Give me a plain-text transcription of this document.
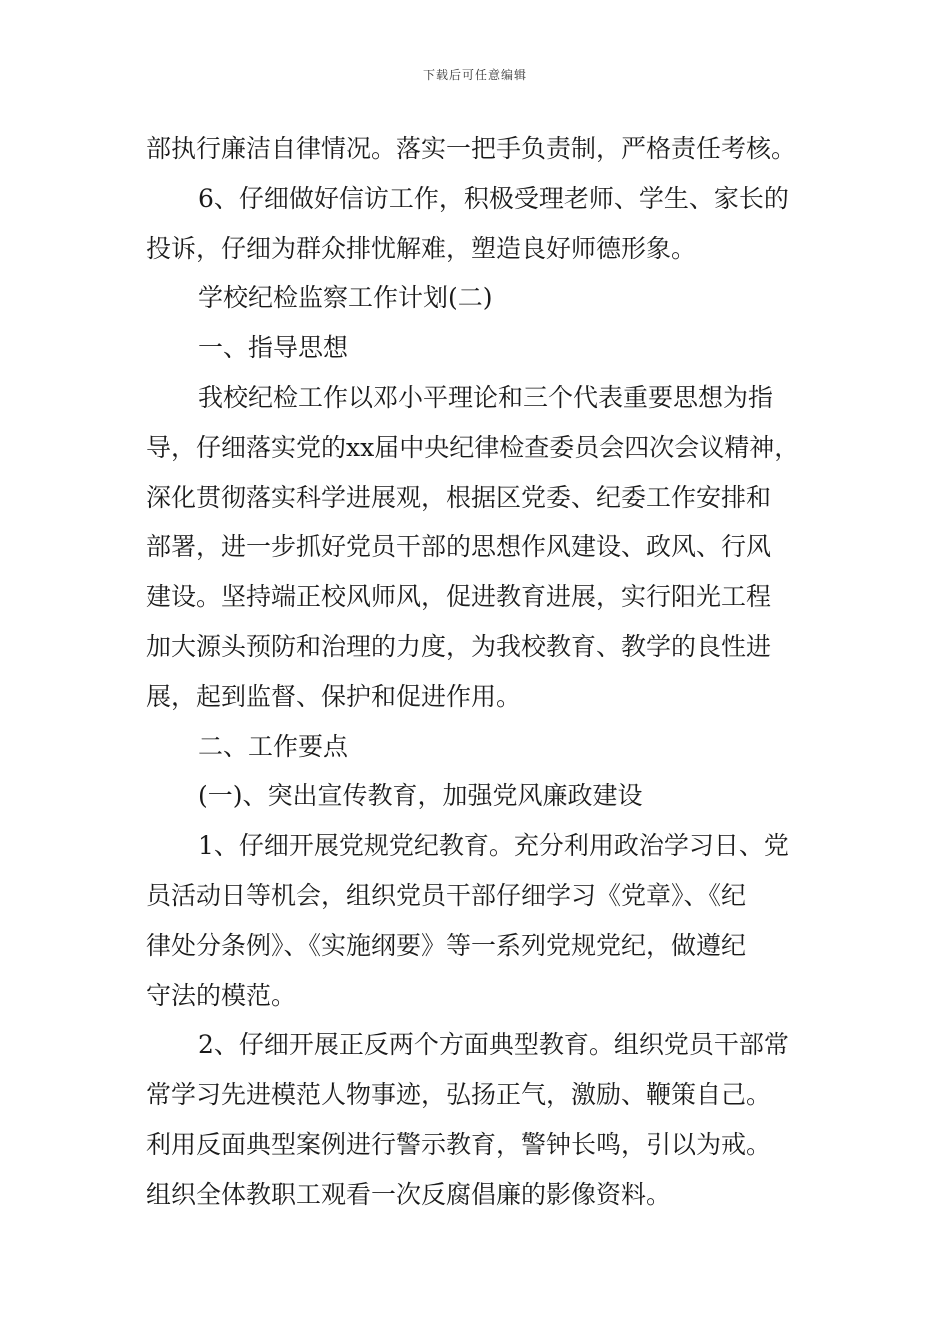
下载后可任意编辑
部执行廉洁自律情况。落实一把手负责制，严格责任考核。
6、仔细做好信访工作，积极受理老师、学生、家长的
投诉，仔细为群众排忧解难，塑造良好师德形象。
学校纪检监察工作计划(二)
一、指导思想
我校纪检工作以邓小平理论和三个代表重要思想为指
导，仔细落实党的xx届中央纪律检查委员会四次会议精神，
深化贯彻落实科学进展观，根据区党委、纪委工作安排和
部署，进一步抓好党员干部的思想作风建设、政风、行风
建设。坚持端正校风师风，促进教育进展，实行阳光工程
加大源头预防和治理的力度，为我校教育、教学的良性进
展，起到监督、保护和促进作用。
二、工作要点
(一)、突出宣传教育，加强党风廉政建设
1、仔细开展党规党纪教育。充分利用政治学习日、党
员活动日等机会，组织党员干部仔细学习《党章》、《纪
律处分条例》、《实施纲要》等一系列党规党纪，做遵纪
守法的模范。
2、仔细开展正反两个方面典型教育。组织党员干部常
常学习先进模范人物事迹，弘扬正气，激励、鞭策自己。
利用反面典型案例进行警示教育，警钟长鸣，引以为戒。
组织全体教职工观看一次反腐倡廉的影像资料。
